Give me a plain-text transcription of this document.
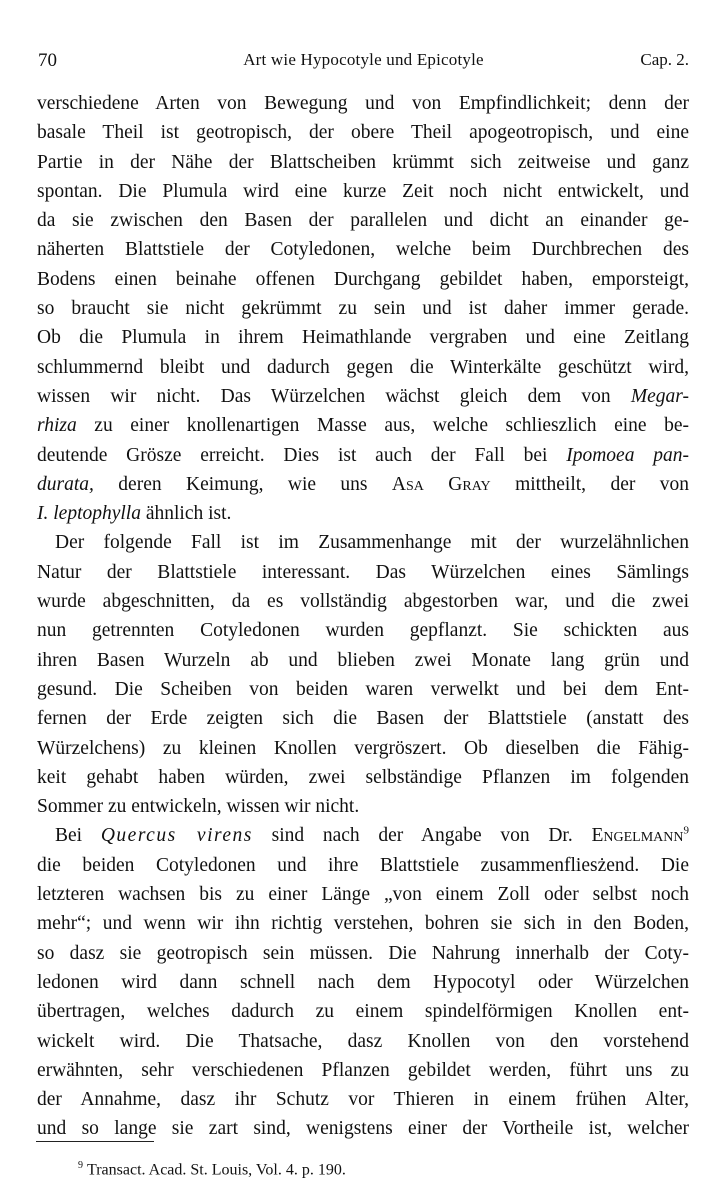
70	Art wie Hypocotyle und Epicotyle	Cap. 2.
verschiedene Arten von Bewegung und von Empfindlichkeit; denn der
basale Theil ist geotropisch, der obere Theil apogeotropisch, und eine
Partie in der Nähe der Blattscheiben krümmt sich zeitweise und ganz
spontan. Die Plumula wird eine kurze Zeit noch nicht entwickelt, und
da sie zwischen den Basen der parallelen und dicht an einander ge-
näherten Blattstiele der Cotyledonen, welche beim Durchbrechen des
Bodens einen beinahe offenen Durchgang gebildet haben, emporsteigt,
so braucht sie nicht gekrümmt zu sein und ist daher immer gerade.
Ob die Plumula in ihrem Heimathlande vergraben und eine Zeitlang
schlummernd bleibt und dadurch gegen die Winterkälte geschützt wird,
wissen wir nicht. Das Würzelchen wächst gleich dem von Megar-
rhiza zu einer knollenartigen Masse aus, welche schlieszlich eine be-
deutende Grösze erreicht. Dies ist auch der Fall bei Ipomoea pan-
durata, deren Keimung, wie uns Asa Gray mittheilt, der von
I. leptophylla ähnlich ist.
Der folgende Fall ist im Zusammenhange mit der wurzelähnlichen
Natur der Blattstiele interessant. Das Würzelchen eines Sämlings
wurde abgeschnitten, da es vollständig abgestorben war, und die zwei
nun getrennten Cotyledonen wurden gepflanzt. Sie schickten aus
ihren Basen Wurzeln ab und blieben zwei Monate lang grün und
gesund. Die Scheiben von beiden waren verwelkt und bei dem Ent-
fernen der Erde zeigten sich die Basen der Blattstiele (anstatt des
Würzelchens) zu kleinen Knollen vergröszert. Ob dieselben die Fähig-
keit gehabt haben würden, zwei selbständige Pflanzen im folgenden
Sommer zu entwickeln, wissen wir nicht.
Bei Quercus virens sind nach der Angabe von Dr. Engelmann$^9$
die beiden Cotyledonen und ihre Blattstiele zusammenfliesżend. Die
letzteren wachsen bis zu einer Länge „von einem Zoll oder selbst noch
mehr“; und wenn wir ihn richtig verstehen, bohren sie sich in den Boden,
so dasz sie geotropisch sein müssen. Die Nahrung innerhalb der Coty-
ledonen wird dann schnell nach dem Hypocotyl oder Würzelchen
übertragen, welches dadurch zu einem spindelförmigen Knollen ent-
wickelt wird. Die Thatsache, dasz Knollen von den vorstehend
erwähnten, sehr verschiedenen Pflanzen gebildet werden, führt uns zu
der Annahme, dasz ihr Schutz vor Thieren in einem frühen Alter,
und so lange sie zart sind, wenigstens einer der Vortheile ist, welcher
$^9$ Transact. Acad. St. Louis, Vol. 4. p. 190.
